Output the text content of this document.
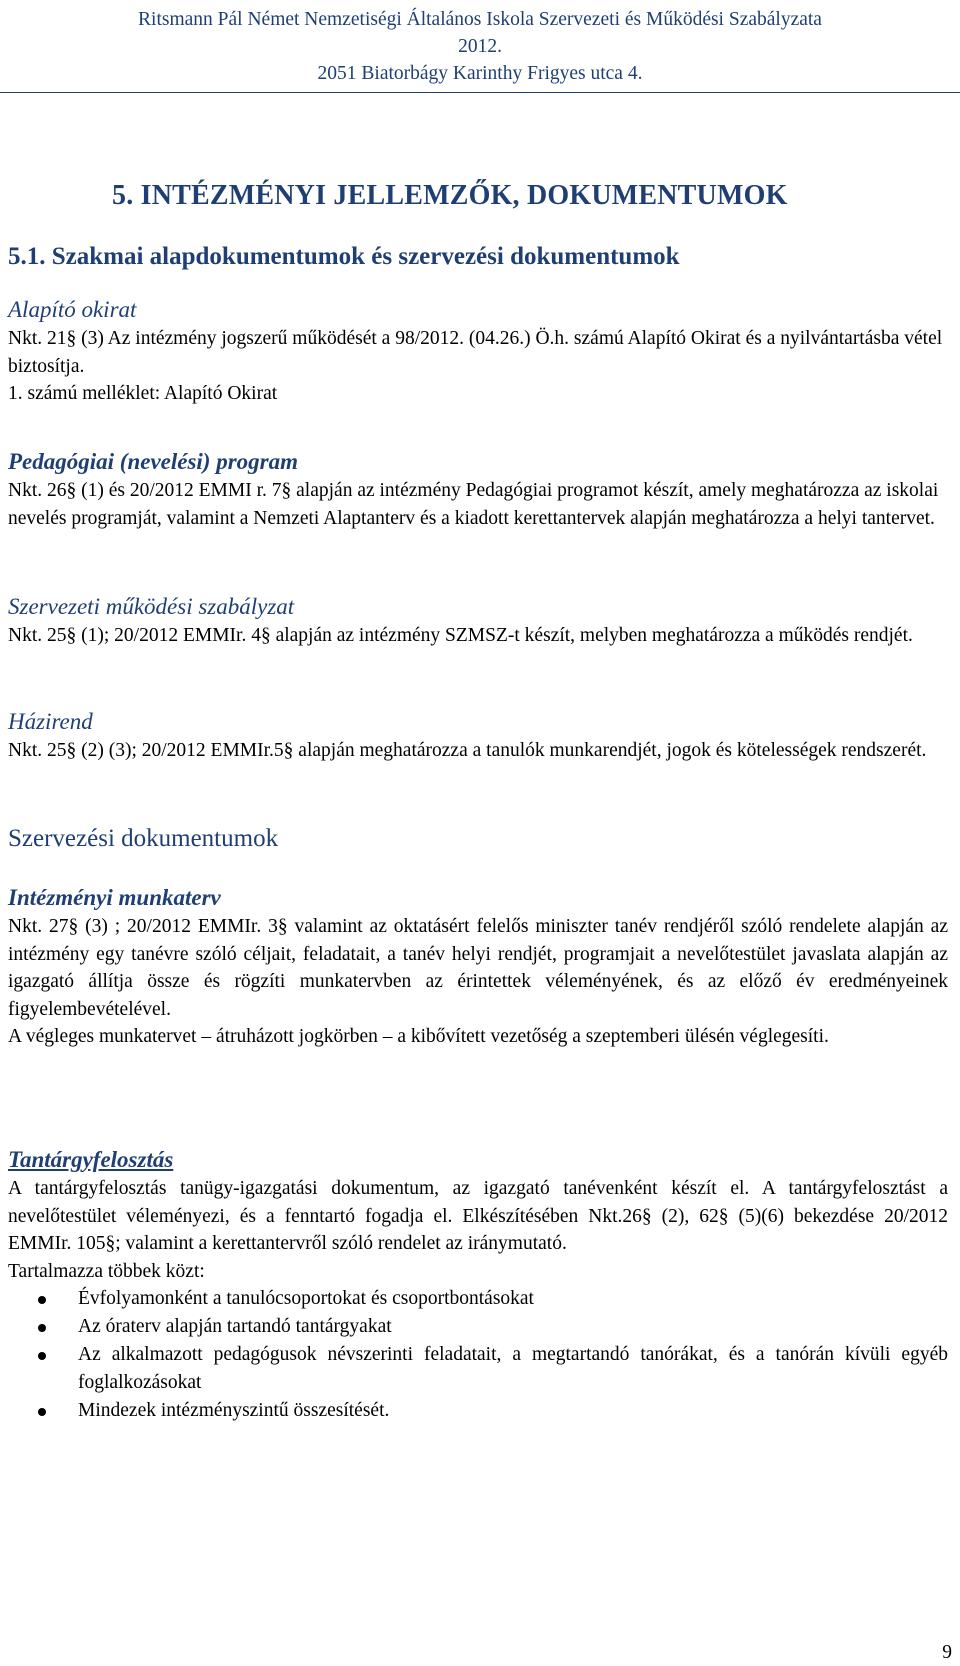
Ritsmann Pál Német Nemzetiségi Általános Iskola Szervezeti és Működési Szabályzata
2012.
2051 Biatorbágy Karinthy Frigyes utca 4.
5. INTÉZMÉNYI JELLEMZŐK, DOKUMENTUMOK
5.1. Szakmai alapdokumentumok és szervezési dokumentumok
Alapító okirat

Nkt. 21§ (3) Az intézmény jogszerű működését a 98/2012. (04.26.) Ö.h. számú Alapító Okirat és a nyilvántartásba vétel biztosítja.

1. számú melléklet: Alapító Okirat

Pedagógiai (nevelési) program

Nkt. 26§ (1) és 20/2012 EMMI r. 7§ alapján az intézmény Pedagógiai programot készít, amely meghatározza az iskolai nevelés programját, valamint a Nemzeti Alaptanterv és a kiadott kerettantervek alapján meghatározza a helyi tantervet.

Szervezeti működési szabályzat

Nkt. 25§ (1); 20/2012 EMMIr. 4§ alapján az intézmény SZMSZ-t készít, melyben meghatározza a működés rendjét.

Házirend

Nkt. 25§ (2) (3); 20/2012 EMMIr.5§ alapján meghatározza a tanulók munkarendjét, jogok és kötelességek rendszerét.

Szervezési dokumentumok
Intézményi munkaterv

Nkt. 27§ (3) ; 20/2012 EMMIr. 3§ valamint az oktatásért felelős miniszter tanév rendjéről szóló rendelete alapján az intézmény egy tanévre szóló céljait, feladatait, a tanév helyi rendjét, programjait a nevelőtestület javaslata alapján az igazgató állítja össze és rögzíti munkatervben az érintettek véleményének, és az előző év eredményeinek figyelembevételével.

A végleges munkatervet – átruházott jogkörben – a kibővített vezetőség a szeptemberi ülésén véglegesíti.

Tantárgyfelosztás

A tantárgyfelosztás tanügy-igazgatási dokumentum, az igazgató tanévenként készít el. A tantárgyfelosztást a nevelőtestület véleményezi, és a fenntartó fogadja el. Elkészítésében Nkt.26§ (2), 62§ (5)(6) bekezdése 20/2012 EMMIr. 105§; valamint a kerettantervről szóló rendelet az iránymutató.

Tartalmazza többek közt:

Évfolyamonként a tanulócsoportokat és csoportbontásokat
Az óraterv alapján tartandó tantárgyakat
Az alkalmazott pedagógusok névszerinti feladatait, a megtartandó tanórákat, és a tanórán kívüli egyéb foglalkozásokat
Mindezek intézményszintű összesítését.
9
